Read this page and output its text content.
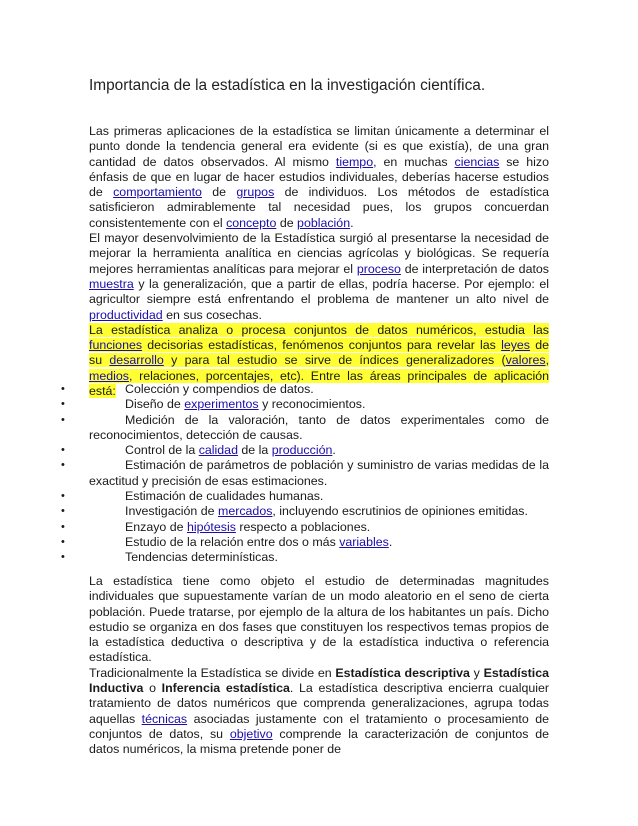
Importancia de la estadística en la investigación científica.

Las primeras aplicaciones de la estadística se limitan únicamente a determinar el punto donde la tendencia general era evidente (si es que existía), de una gran cantidad de datos observados. Al mismo tiempo, en muchas ciencias se hizo énfasis de que en lugar de hacer estudios individuales, deberías hacerse estudios de comportamiento de grupos de individuos. Los métodos de estadística satisficieron admirablemente tal necesidad pues, los grupos concuerdan consistentemente con el concepto de población.

El mayor desenvolvimiento de la Estadística surgió al presentarse la necesidad de mejorar la herramienta analítica en ciencias agrícolas y biológicas. Se requería mejores herramientas analíticas para mejorar el proceso de interpretación de datos muestra y la generalización, que a partir de ellas, podría hacerse. Por ejemplo: el agricultor siempre está enfrentando el problema de mantener un alto nivel de productividad en sus cosechas.

La estadística analiza o procesa conjuntos de datos numéricos, estudia las funciones decisorias estadísticas, fenómenos conjuntos para revelar las leyes de su desarrollo y para tal estudio se sirve de índices generalizadores (valores, medios, relaciones, porcentajes, etc). Entre las áreas principales de aplicación está:

•	Colección y compendios de datos.
•	Diseño de experimentos y reconocimientos.
•	Medición de la valoración, tanto de datos experimentales como de reconocimientos, detección de causas.
•	Control de la calidad de la producción.
•	Estimación de parámetros de población y suministro de varias medidas de la exactitud y precisión de esas estimaciones.
•	Estimación de cualidades humanas.
•	Investigación de mercados, incluyendo escrutinios de opiniones emitidas.
•	Enzayo de hipótesis respecto a poblaciones.
•	Estudio de la relación entre dos o más variables.
•	Tendencias determinísticas.

La estadística tiene como objeto el estudio de determinadas magnitudes individuales que supuestamente varían de un modo aleatorio en el seno de cierta población. Puede tratarse, por ejemplo de la altura de los habitantes un país. Dicho estudio se organiza en dos fases que constituyen los respectivos temas propios de la estadística deductiva o descriptiva y de la estadística inductiva o referencia estadística.

Tradicionalmente la Estadística se divide en Estadística descriptiva y Estadística Inductiva o Inferencia estadística. La estadística descriptiva encierra cualquier tratamiento de datos numéricos que comprenda generalizaciones, agrupa todas aquellas técnicas asociadas justamente con el tratamiento o procesamiento de conjuntos de datos, su objetivo comprende la caracterización de conjuntos de datos numéricos, la misma pretende poner de
